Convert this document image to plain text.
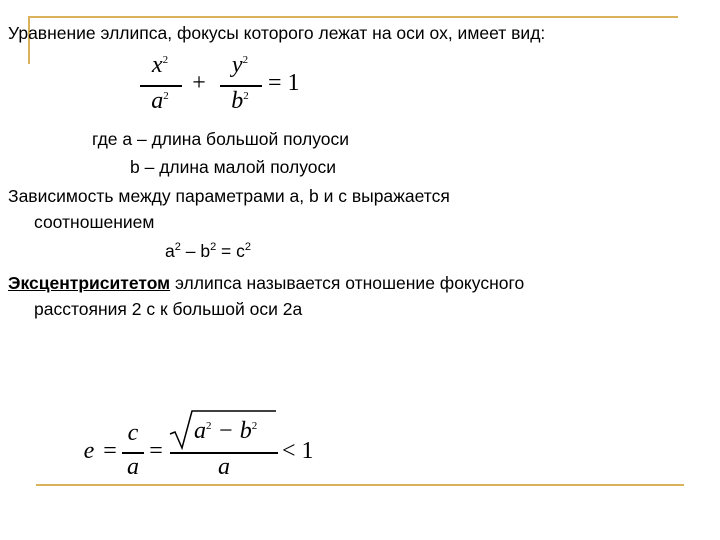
Уравнение эллипса, фокусы которого лежат на оси ох, имеет вид:
$x^2$
$a^2$ +
$y^2$
$b^2 = 1$
где а – длина большой полуоси
b – длина малой полуоси
Зависимость между параметрами a, b и c выражается
соотношением
$a^2 - b^2 = c^2$
Эксцентриситетом эллипса называется отношение фокусного
расстояния 2 с к большой оси 2а
e =
c
a
=
$a^2 - b^2$
a
< 1
